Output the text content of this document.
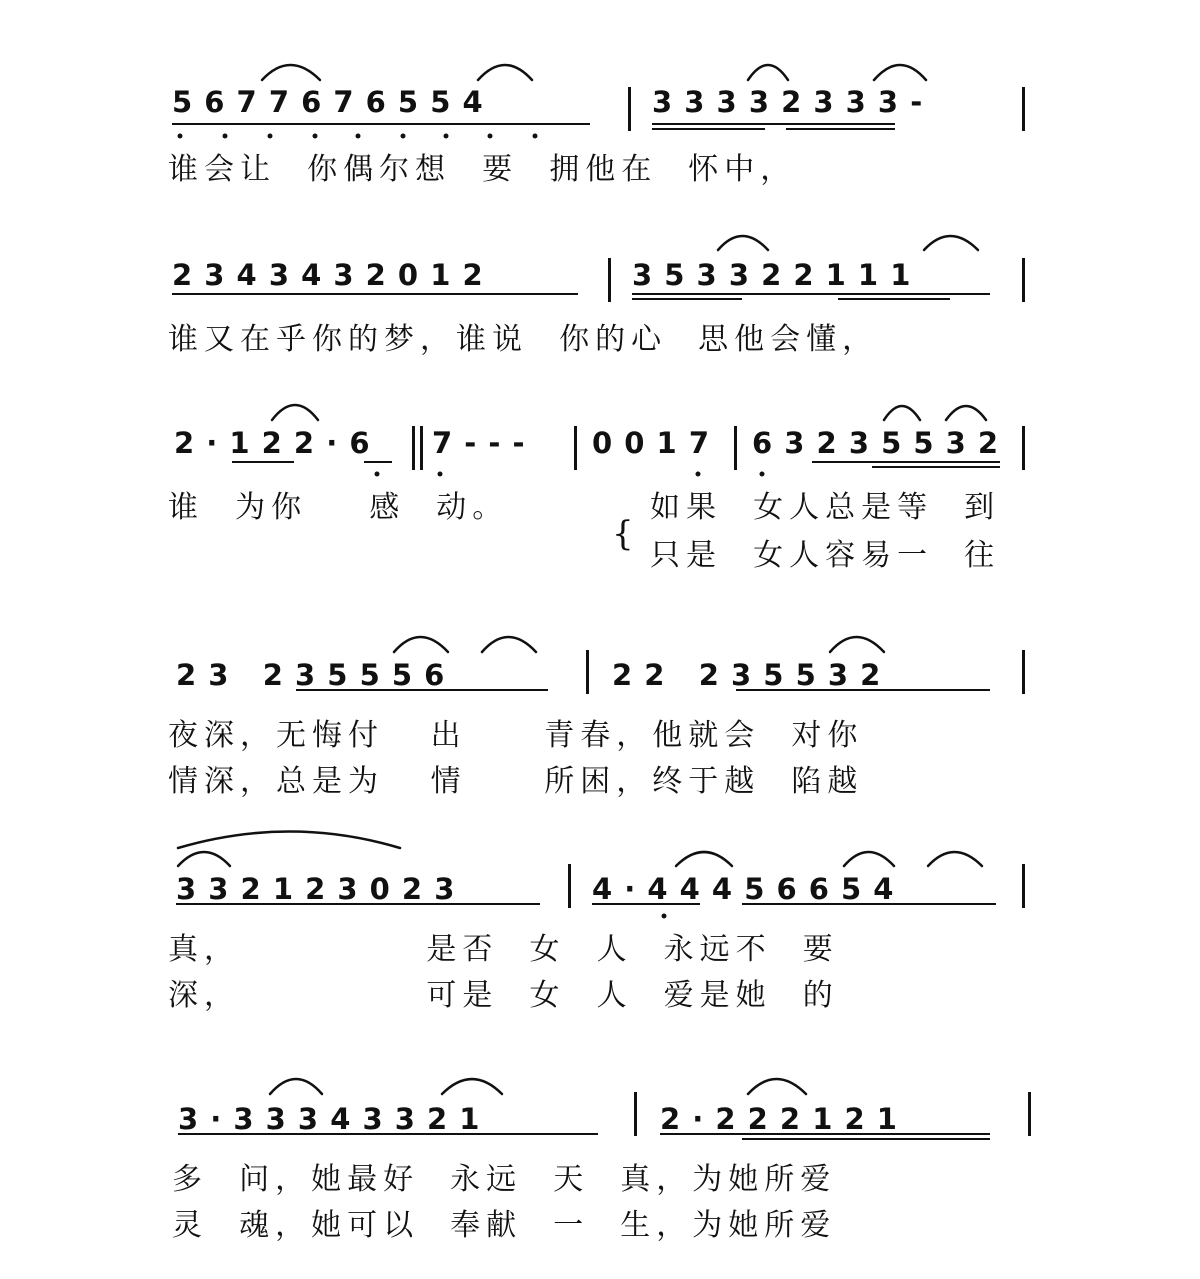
5 6 7 7 6 7 6 5 5 4	3 3 3 3 2 3 3 3 -
谁会让  你偶尔想  要  拥他在  怀中，
2 3 4 3 4 3 2 0 1 2	3 5 3 3 2 2 1 1 1
谁又在乎你的梦，谁说  你的心  思他会懂，
2 · 1 2 2 · 6 7 - - - 0 0 1 7 6 3 2 3 5 5 3 2
谁  为你    感  动。
{
如果  女人总是等  到
只是  女人容易一  往
2 3   2 3 5 5 5 6	2 2   2 3 5 5 3 2
夜深，无悔付   出     青春，他就会  对你
情深，总是为   情     所困，终于越  陷越
3 3 2 1 2 3 0 2 3	4 · 4 4 4 5 6 6 5 4
真，            是否  女  人  永远不  要
深，            可是  女  人  爱是她  的
3 · 3 3 3 4 3 3 2 1	2 · 2 2 2 1 2 1
多  问，她最好  永远  天  真，为她所爱
灵  魂，她可以  奉献  一  生，为她所爱
